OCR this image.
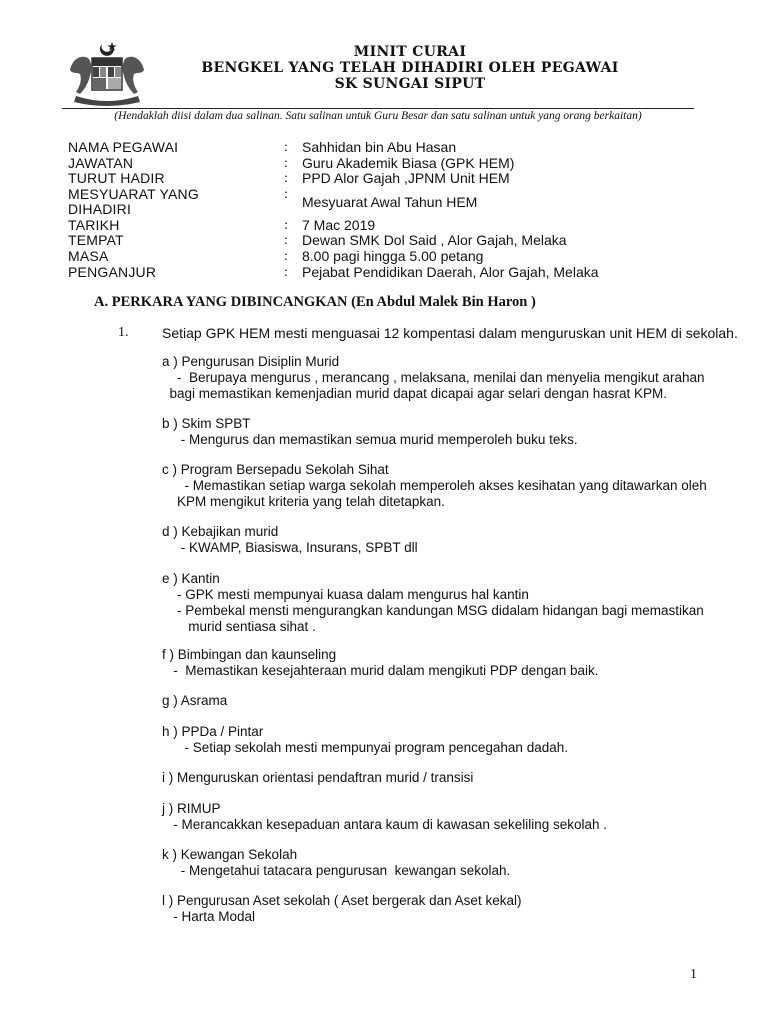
MINIT CURAI
BENGKEL YANG TELAH DIHADIRI OLEH PEGAWAI
SK SUNGAI SIPUT
(Hendaklah diisi dalam dua salinan. Satu salinan untuk Guru Besar dan satu salinan untuk yang orang berkaitan)
NAMA PEGAWAI	: Sahhidan bin Abu Hasan
JAWATAN	: Guru Akademik Biasa (GPK HEM)
TURUT HADIR	: PPD Alor Gajah ,JPNM Unit HEM
MESYUARAT YANG
DIHADIRI
: Mesyuarat Awal Tahun HEM
TARIKH	: 7 Mac 2019
TEMPAT	: Dewan SMK Dol Said , Alor Gajah, Melaka
MASA	: 8.00 pagi hingga 5.00 petang
PENGANJUR	: Pejabat Pendidikan Daerah, Alor Gajah, Melaka
A. PERKARA YANG DIBINCANGKAN (En Abdul Malek Bin Haron )
1. Setiap GPK HEM mesti menguasai 12 kompentasi dalam menguruskan unit HEM di sekolah.
a ) Pengurusan Disiplin Murid
-  Berupaya mengurus , merancang , melaksana, menilai dan menyelia mengikut arahan
bagi memastikan kemenjadian murid dapat dicapai agar selari dengan hasrat KPM.
b ) Skim SPBT
- Mengurus dan memastikan semua murid memperoleh buku teks.
c ) Program Bersepadu Sekolah Sihat
- Memastikan setiap warga sekolah memperoleh akses kesihatan yang ditawarkan oleh
KPM mengikut kriteria yang telah ditetapkan.
d ) Kebajikan murid
- KWAMP, Biasiswa, Insurans, SPBT dll
e ) Kantin
- GPK mesti mempunyai kuasa dalam mengurus hal kantin
- Pembekal mensti mengurangkan kandungan MSG didalam hidangan bagi memastikan
murid sentiasa sihat .
f ) Bimbingan dan kaunseling
-  Memastikan kesejahteraan murid dalam mengikuti PDP dengan baik.
g ) Asrama
h ) PPDa / Pintar
- Setiap sekolah mesti mempunyai program pencegahan dadah.
i ) Menguruskan orientasi pendaftran murid / transisi
j ) RIMUP
- Merancakkan kesepaduan antara kaum di kawasan sekeliling sekolah .
k ) Kewangan Sekolah
- Mengetahui tatacara pengurusan  kewangan sekolah.
l ) Pengurusan Aset sekolah ( Aset bergerak dan Aset kekal)
- Harta Modal
1
